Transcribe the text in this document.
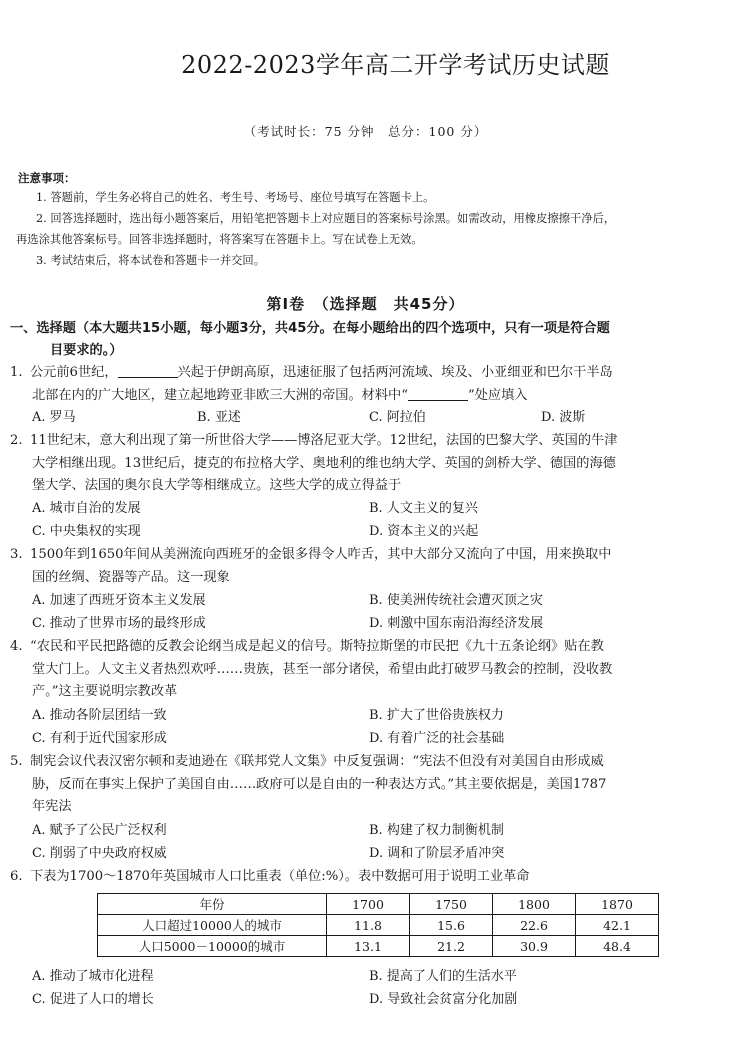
2022-2023学年高二开学考试历史试题
（考试时长：75 分钟　总分：100 分）
注意事项：
1. 答题前，学生务必将自己的姓名、考生号、考场号、座位号填写在答题卡上。
2. 回答选择题时，选出每小题答案后，用铅笔把答题卡上对应题目的答案标号涂黑。如需改动，用橡皮擦擦干净后，
再选涂其他答案标号。回答非选择题时，将答案写在答题卡上。写在试卷上无效。
3. 考试结束后，将本试卷和答题卡一并交回。
第Ⅰ卷　（选择题　共45分）
一、选择题（本大题共15小题，每小题3分，共45分。在每小题给出的四个选项中，只有一项是符合题
目要求的。）
1. 公元前6世纪，	兴起于伊朗高原，迅速征服了包括两河流域、埃及、小亚细亚和巴尔干半岛
北部在内的广大地区，建立起地跨亚非欧三大洲的帝国。材料中“	”处应填入
A. 罗马	B. 亚述	C. 阿拉伯	D. 波斯
2. 11世纪末，意大利出现了第一所世俗大学——博洛尼亚大学。12世纪，法国的巴黎大学、英国的牛津
大学相继出现。13世纪后，捷克的布拉格大学、奥地利的维也纳大学、英国的剑桥大学、德国的海德
堡大学、法国的奥尔良大学等相继成立。这些大学的成立得益于
A. 城市自治的发展	B. 人文主义的复兴
C. 中央集权的实现	D. 资本主义的兴起
3. 1500年到1650年间从美洲流向西班牙的金银多得令人咋舌，其中大部分又流向了中国，用来换取中
国的丝绸、瓷器等产品。这一现象
A. 加速了西班牙资本主义发展	B. 使美洲传统社会遭灭顶之灾
C. 推动了世界市场的最终形成	D. 刺激中国东南沿海经济发展
4. “农民和平民把路德的反教会论纲当成是起义的信号。斯特拉斯堡的市民把《九十五条论纲》贴在教
堂大门上。人文主义者热烈欢呼……贵族，甚至一部分诸侯，希望由此打破罗马教会的控制，没收教
产。”这主要说明宗教改革
A. 推动各阶层团结一致	B. 扩大了世俗贵族权力
C. 有利于近代国家形成	D. 有着广泛的社会基础
5. 制宪会议代表汉密尔顿和麦迪逊在《联邦党人文集》中反复强调：“宪法不但没有对美国自由形成威
胁，反而在事实上保护了美国自由……政府可以是自由的一种表达方式。”其主要依据是，美国1787
年宪法
A. 赋予了公民广泛权利	B. 构建了权力制衡机制
C. 削弱了中央政府权威	D. 调和了阶层矛盾冲突
6. 下表为1700～1870年英国城市人口比重表（单位:%）。表中数据可用于说明工业革命
年份	1700	1750	1800	1870
人口超过10000人的城市	11.8	15.6	22.6	42.1
人口5000－10000的城市	13.1	21.2	30.9	48.4
A. 推动了城市化进程	B. 提高了人们的生活水平
C. 促进了人口的增长	D. 导致社会贫富分化加剧
